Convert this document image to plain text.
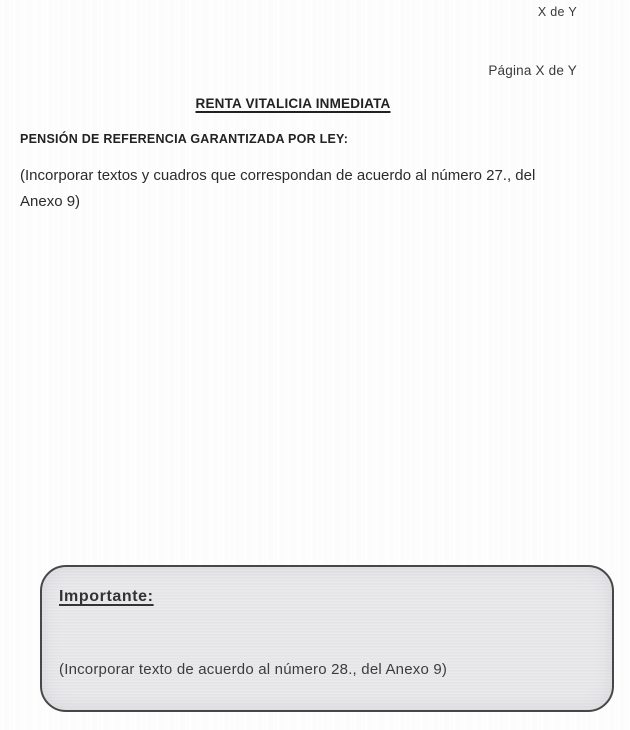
X de Y
Página X de Y
RENTA VITALICIA INMEDIATA
PENSIÓN DE REFERENCIA GARANTIZADA POR LEY:

(Incorporar textos y cuadros que correspondan de acuerdo al número 27., del Anexo 9)

Importante:

(Incorporar texto de acuerdo al número 28., del Anexo 9)
